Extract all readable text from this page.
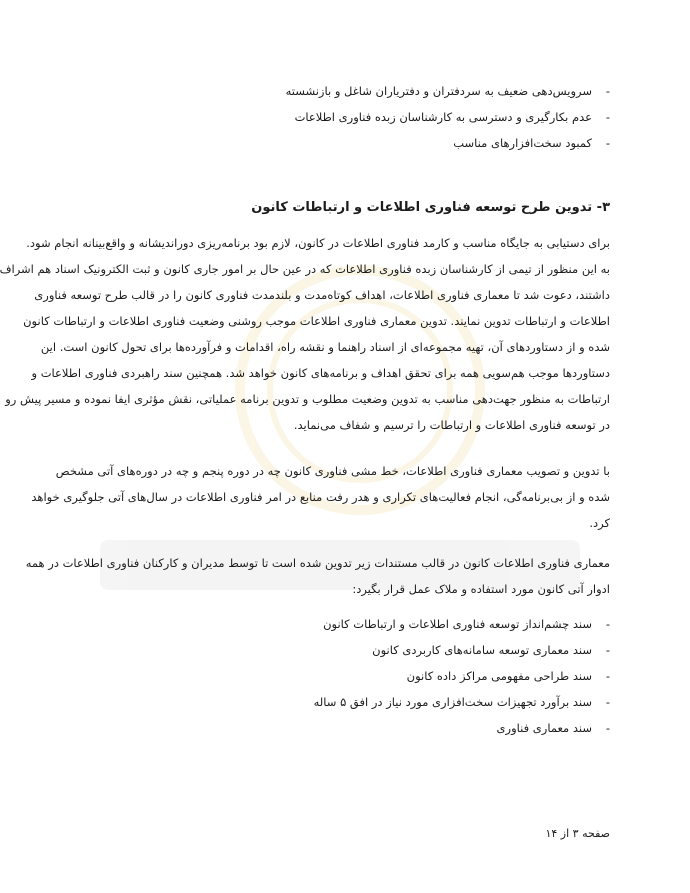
- سرویس‌دهی ضعیف به سردفتران و دفتریاران شاغل و بازنشسته
- عدم بکارگیری و دسترسی به کارشناسان زبده فناوری اطلاعات
- کمبود سخت‌افزارهای مناسب
۳- تدوین طرح توسعه فناوری اطلاعات و ارتباطات کانون

برای دستیابی به جایگاه مناسب و کارمد فناوری اطلاعات در کانون، لازم بود برنامه‌ریزی دوراندیشانه و واقع‌بینانه انجام شود.
به این منظور از تیمی از کارشناسان زبده فناوری اطلاعات که در عین حال بر امور جاری کانون و ثبت الکترونیک اسناد هم اشراف
داشتند، دعوت شد تا معماری فناوری اطلاعات، اهداف کوتاه‌مدت و بلندمدت فناوری کانون را در قالب طرح توسعه فناوری
اطلاعات و ارتباطات تدوین نمایند. تدوین معماری فناوری اطلاعات موجب روشنی وضعیت فناوری اطلاعات و ارتباطات کانون
شده و از دستاوردهای آن، تهیه مجموعه‌ای از اسناد راهنما و نقشه راه، اقدامات و فرآورده‌ها برای تحول کانون است. این
دستاوردها موجب هم‌سویی همه برای تحقق اهداف و برنامه‌های کانون خواهد شد. همچنین سند راهبردی فناوری اطلاعات و
ارتباطات به منظور جهت‌دهی مناسب به تدوین وضعیت مطلوب و تدوین برنامه عملیاتی، نقش مؤثری ایفا نموده و مسیر پیش رو
در توسعه فناوری اطلاعات و ارتباطات را ترسیم و شفاف می‌نماید.

با تدوین و تصویب معماری فناوری اطلاعات، خط مشی فناوری کانون چه در دوره پنجم و چه در دوره‌های آتی مشخص
شده و از بی‌برنامه‌گی، انجام فعالیت‌های تکراری و هدر رفت منابع در امر فناوری اطلاعات در سال‌های آتی جلوگیری خواهد
کرد.

معماری فناوری اطلاعات کانون در قالب مستندات زیر تدوین شده است تا توسط مدیران و کارکنان فناوری اطلاعات در همه
ادوار آتی کانون مورد استفاده و ملاک عمل قرار بگیرد:

- سند چشم‌انداز توسعه فناوری اطلاعات و ارتباطات کانون
- سند معماری توسعه سامانه‌های کاربردی کانون
- سند طراحی مفهومی مراکز داده کانون
- سند برآورد تجهیزات سخت‌افزاری مورد نیاز در افق ۵ ساله
- سند معماری فناوری
صفحه ۳ از ۱۴
